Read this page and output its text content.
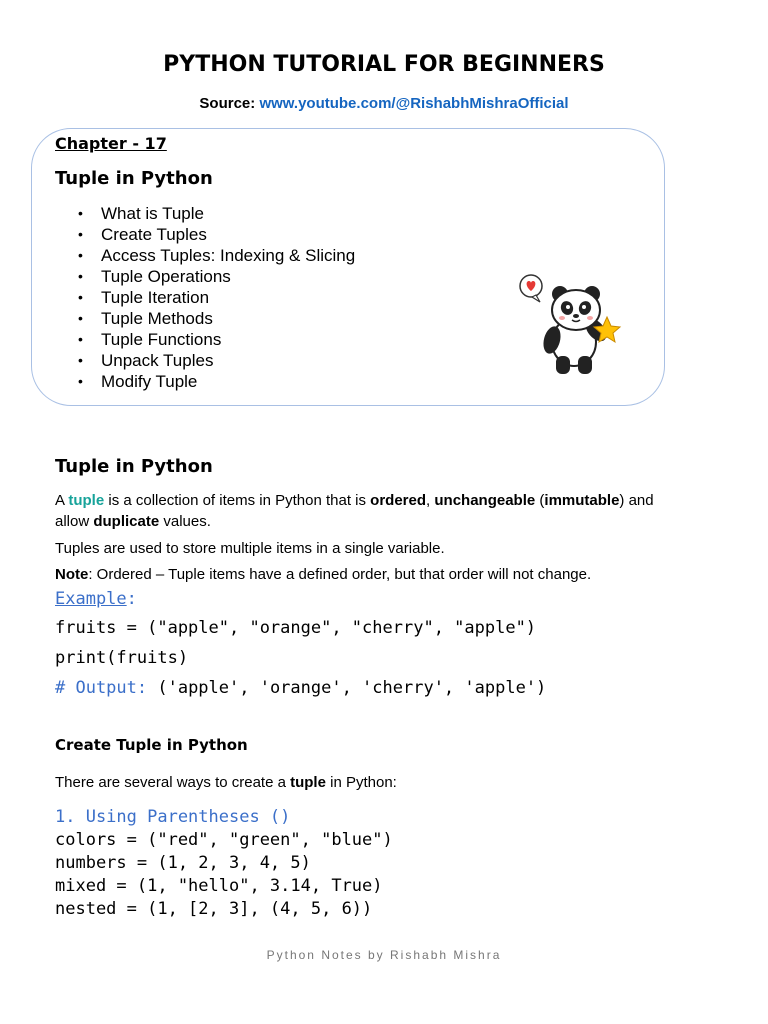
PYTHON TUTORIAL FOR BEGINNERS
Source: www.youtube.com/@RishabhMishraOfficial
Chapter - 17
Tuple in Python
• What is Tuple
• Create Tuples
• Access Tuples: Indexing & Slicing
• Tuple Operations
• Tuple Iteration
• Tuple Methods
• Tuple Functions
• Unpack Tuples
• Modify Tuple
Tuple in Python
A tuple is a collection of items in Python that is ordered, unchangeable (immutable) and
allow duplicate values.
Tuples are used to store multiple items in a single variable.
Note: Ordered – Tuple items have a defined order, but that order will not change.
Example:
fruits = ("apple", "orange", "cherry", "apple")
print(fruits)
# Output: ('apple', 'orange', 'cherry', 'apple')
Create Tuple in Python
There are several ways to create a tuple in Python:
1. Using Parentheses ()
colors = ("red", "green", "blue")
numbers = (1, 2, 3, 4, 5)
mixed = (1, "hello", 3.14, True)
nested = (1, [2, 3], (4, 5, 6))
Python Notes by Rishabh Mishra
